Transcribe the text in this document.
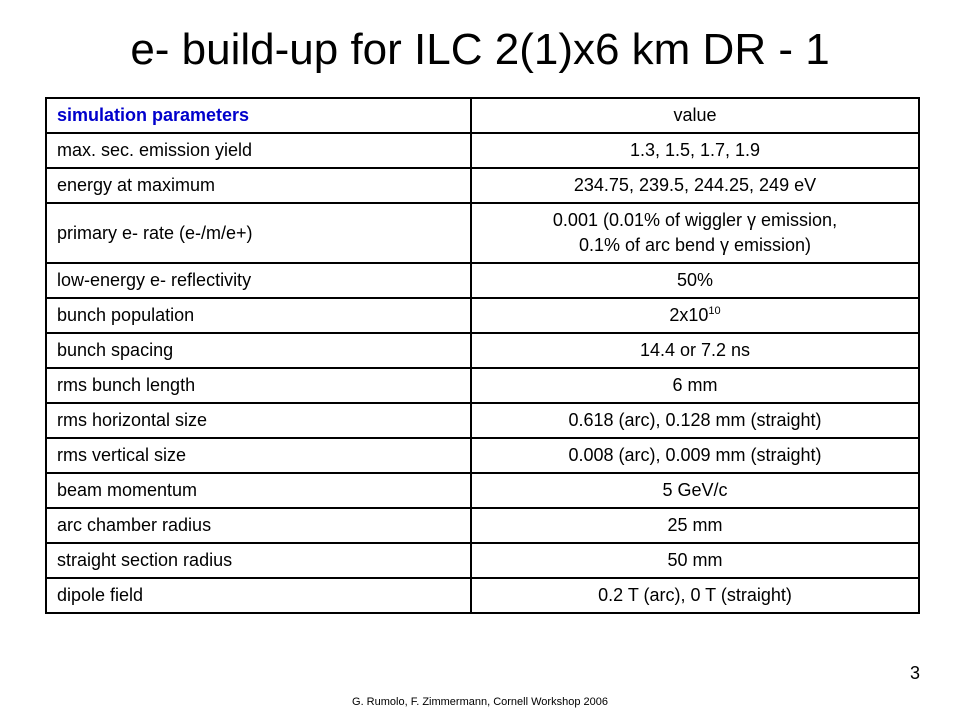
e- build-up for ILC 2(1)x6 km DR - 1
simulation parameters	value
max. sec. emission yield	1.3, 1.5, 1.7, 1.9
energy at maximum	234.75, 239.5, 244.25, 249 eV
primary e- rate (e-/m/e+)	0.001 (0.01% of wiggler γ emission,
0.1% of arc bend γ emission)

low-energy e- reflectivity	50%
bunch population	$2x10^{10}$
bunch spacing	14.4 or 7.2 ns
rms bunch length	6 mm
rms horizontal size	0.618 (arc), 0.128 mm (straight)
rms vertical size	0.008 (arc), 0.009 mm (straight)
beam momentum	5 GeV/c
arc chamber radius	25 mm
straight section radius	50 mm
dipole field	0.2 T (arc), 0 T (straight)
3
G. Rumolo, F. Zimmermann, Cornell Workshop 2006
